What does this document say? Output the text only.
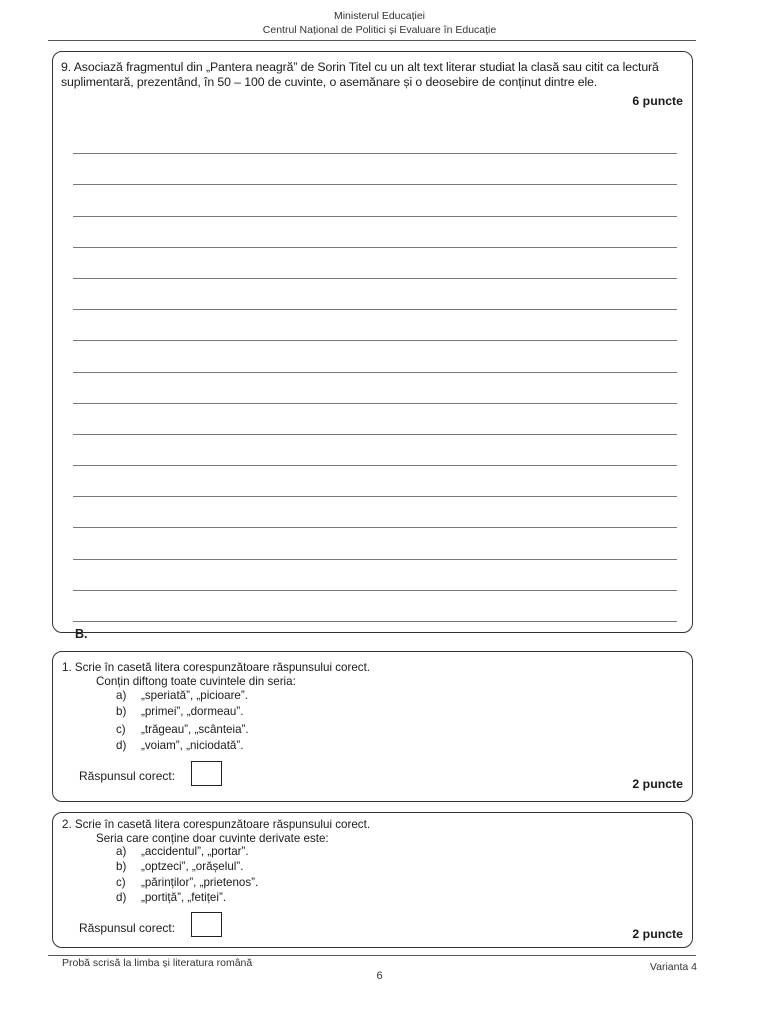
Ministerul Educației
Centrul Național de Politici și Evaluare în Educație
9. Asociază fragmentul din „Pantera neagră” de Sorin Titel cu un alt text literar studiat la clasă sau citit ca lectură suplimentară, prezentând, în 50 – 100 de cuvinte, o asemănare și o deosebire de conținut dintre ele.
6 puncte
B.
1. Scrie în casetă litera corespunzătoare răspunsului corect.
Conțin diftong toate cuvintele din seria:
a) „speriată”, „picioare”.
b) „primei”, „dormeau”.
c) „trăgeau”, „scânteia”.
d) „voiam”, „niciodată”.
Răspunsul corect:
2 puncte
2. Scrie în casetă litera corespunzătoare răspunsului corect.
Seria care conține doar cuvinte derivate este:
a) „accidentul”, „portar”.
b) „optzeci”, „orășelul”.
c) „părinților”, „prietenos”.
d) „portiță”, „fetiței”.
Răspunsul corect:	2 puncte
Probă scrisă la limba și literatura română	Varianta 4
6
